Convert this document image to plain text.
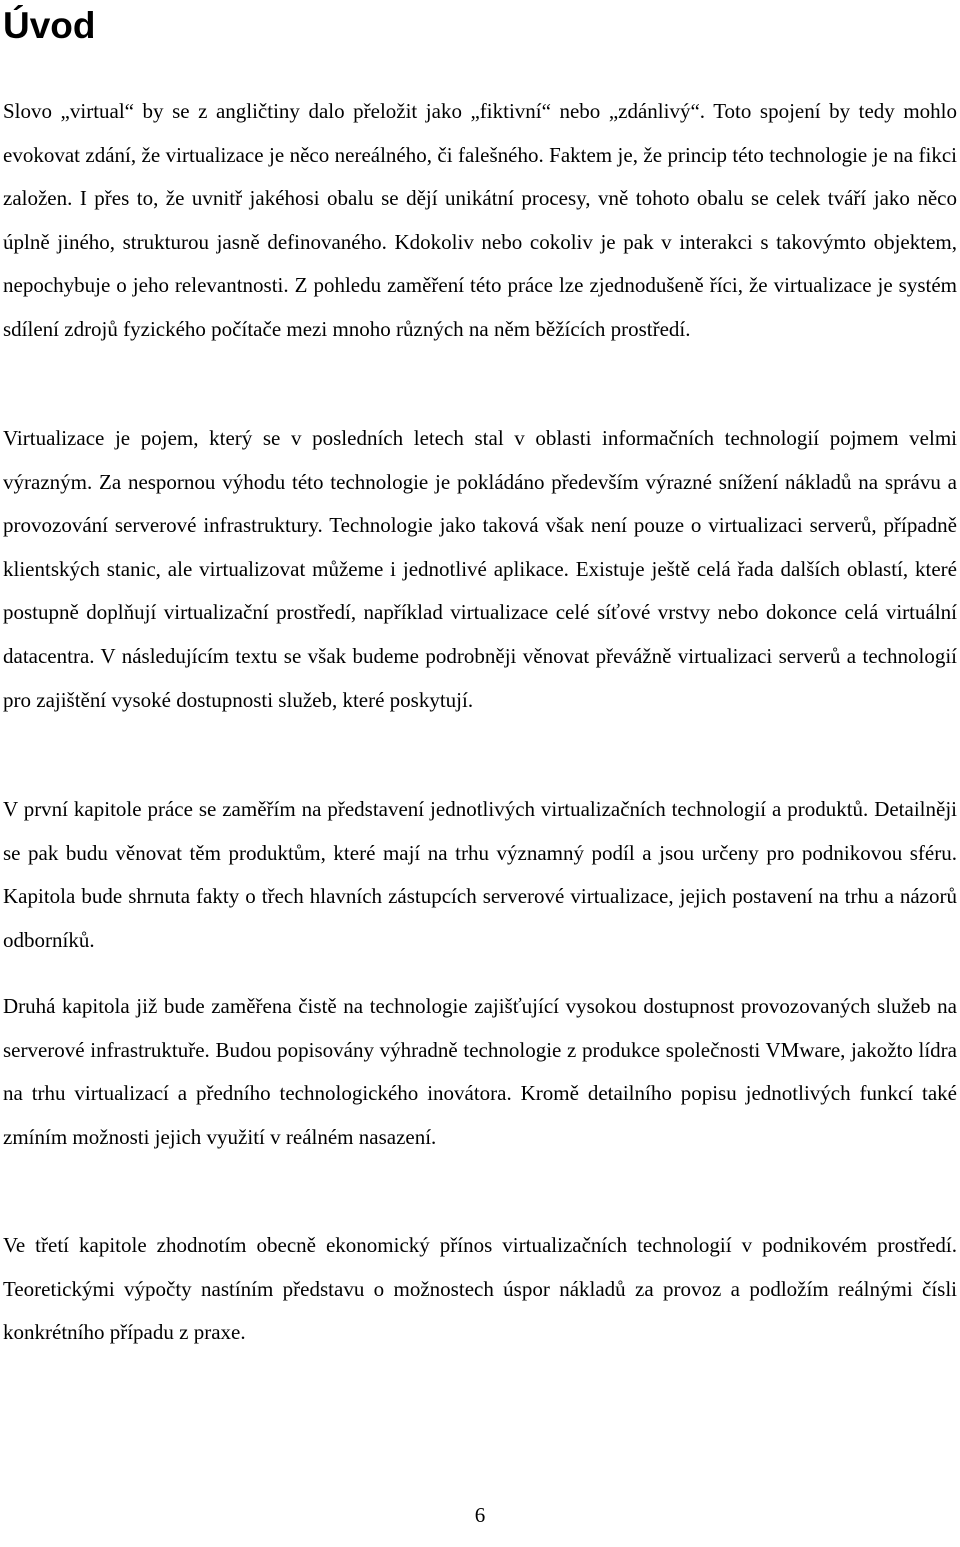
Úvod

Slovo „virtual“ by se z angličtiny dalo přeložit jako „fiktivní“ nebo „zdánlivý“. Toto spojení by tedy mohlo evokovat zdání, že virtualizace je něco nereálného, či falešného. Faktem je, že princip této technologie je na fikci založen. I přes to, že uvnitř jakéhosi obalu se dějí unikátní procesy, vně tohoto obalu se celek tváří jako něco úplně jiného, strukturou jasně definovaného. Kdokoliv nebo cokoliv je pak v interakci s takovýmto objektem, nepochybuje o jeho relevantnosti. Z pohledu zaměření této práce lze zjednodušeně říci, že virtualizace je systém sdílení zdrojů fyzického počítače mezi mnoho různých na něm běžících prostředí.

Virtualizace je pojem, který se v posledních letech stal v oblasti informačních technologií pojmem velmi výrazným. Za nespornou výhodu této technologie je pokládáno především výrazné snížení nákladů na správu a provozování serverové infrastruktury. Technologie jako taková však není pouze o virtualizaci serverů, případně klientských stanic, ale virtualizovat můžeme i jednotlivé aplikace. Existuje ještě celá řada dalších oblastí, které postupně doplňují virtualizační prostředí, například virtualizace celé síťové vrstvy nebo dokonce celá virtuální datacentra. V následujícím textu se však budeme podrobněji věnovat převážně virtualizaci serverů a technologií pro zajištění vysoké dostupnosti služeb, které poskytují.

V první kapitole práce se zaměřím na představení jednotlivých virtualizačních technologií a produktů. Detailněji se pak budu věnovat těm produktům, které mají na trhu významný podíl a jsou určeny pro podnikovou sféru. Kapitola bude shrnuta fakty o třech hlavních zástupcích serverové virtualizace, jejich postavení na trhu a názorů odborníků.

Druhá kapitola již bude zaměřena čistě na technologie zajišťující vysokou dostupnost provozovaných služeb na serverové infrastruktuře. Budou popisovány výhradně technologie z produkce společnosti VMware, jakožto lídra na trhu virtualizací a předního technologického inovátora. Kromě detailního popisu jednotlivých funkcí také zmíním možnosti jejich využití v reálném nasazení.

Ve třetí kapitole zhodnotím obecně ekonomický přínos virtualizačních technologií v podnikovém prostředí. Teoretickými výpočty nastíním představu o možnostech úspor nákladů za provoz a podložím reálnými čísli konkrétního případu z praxe.

6
